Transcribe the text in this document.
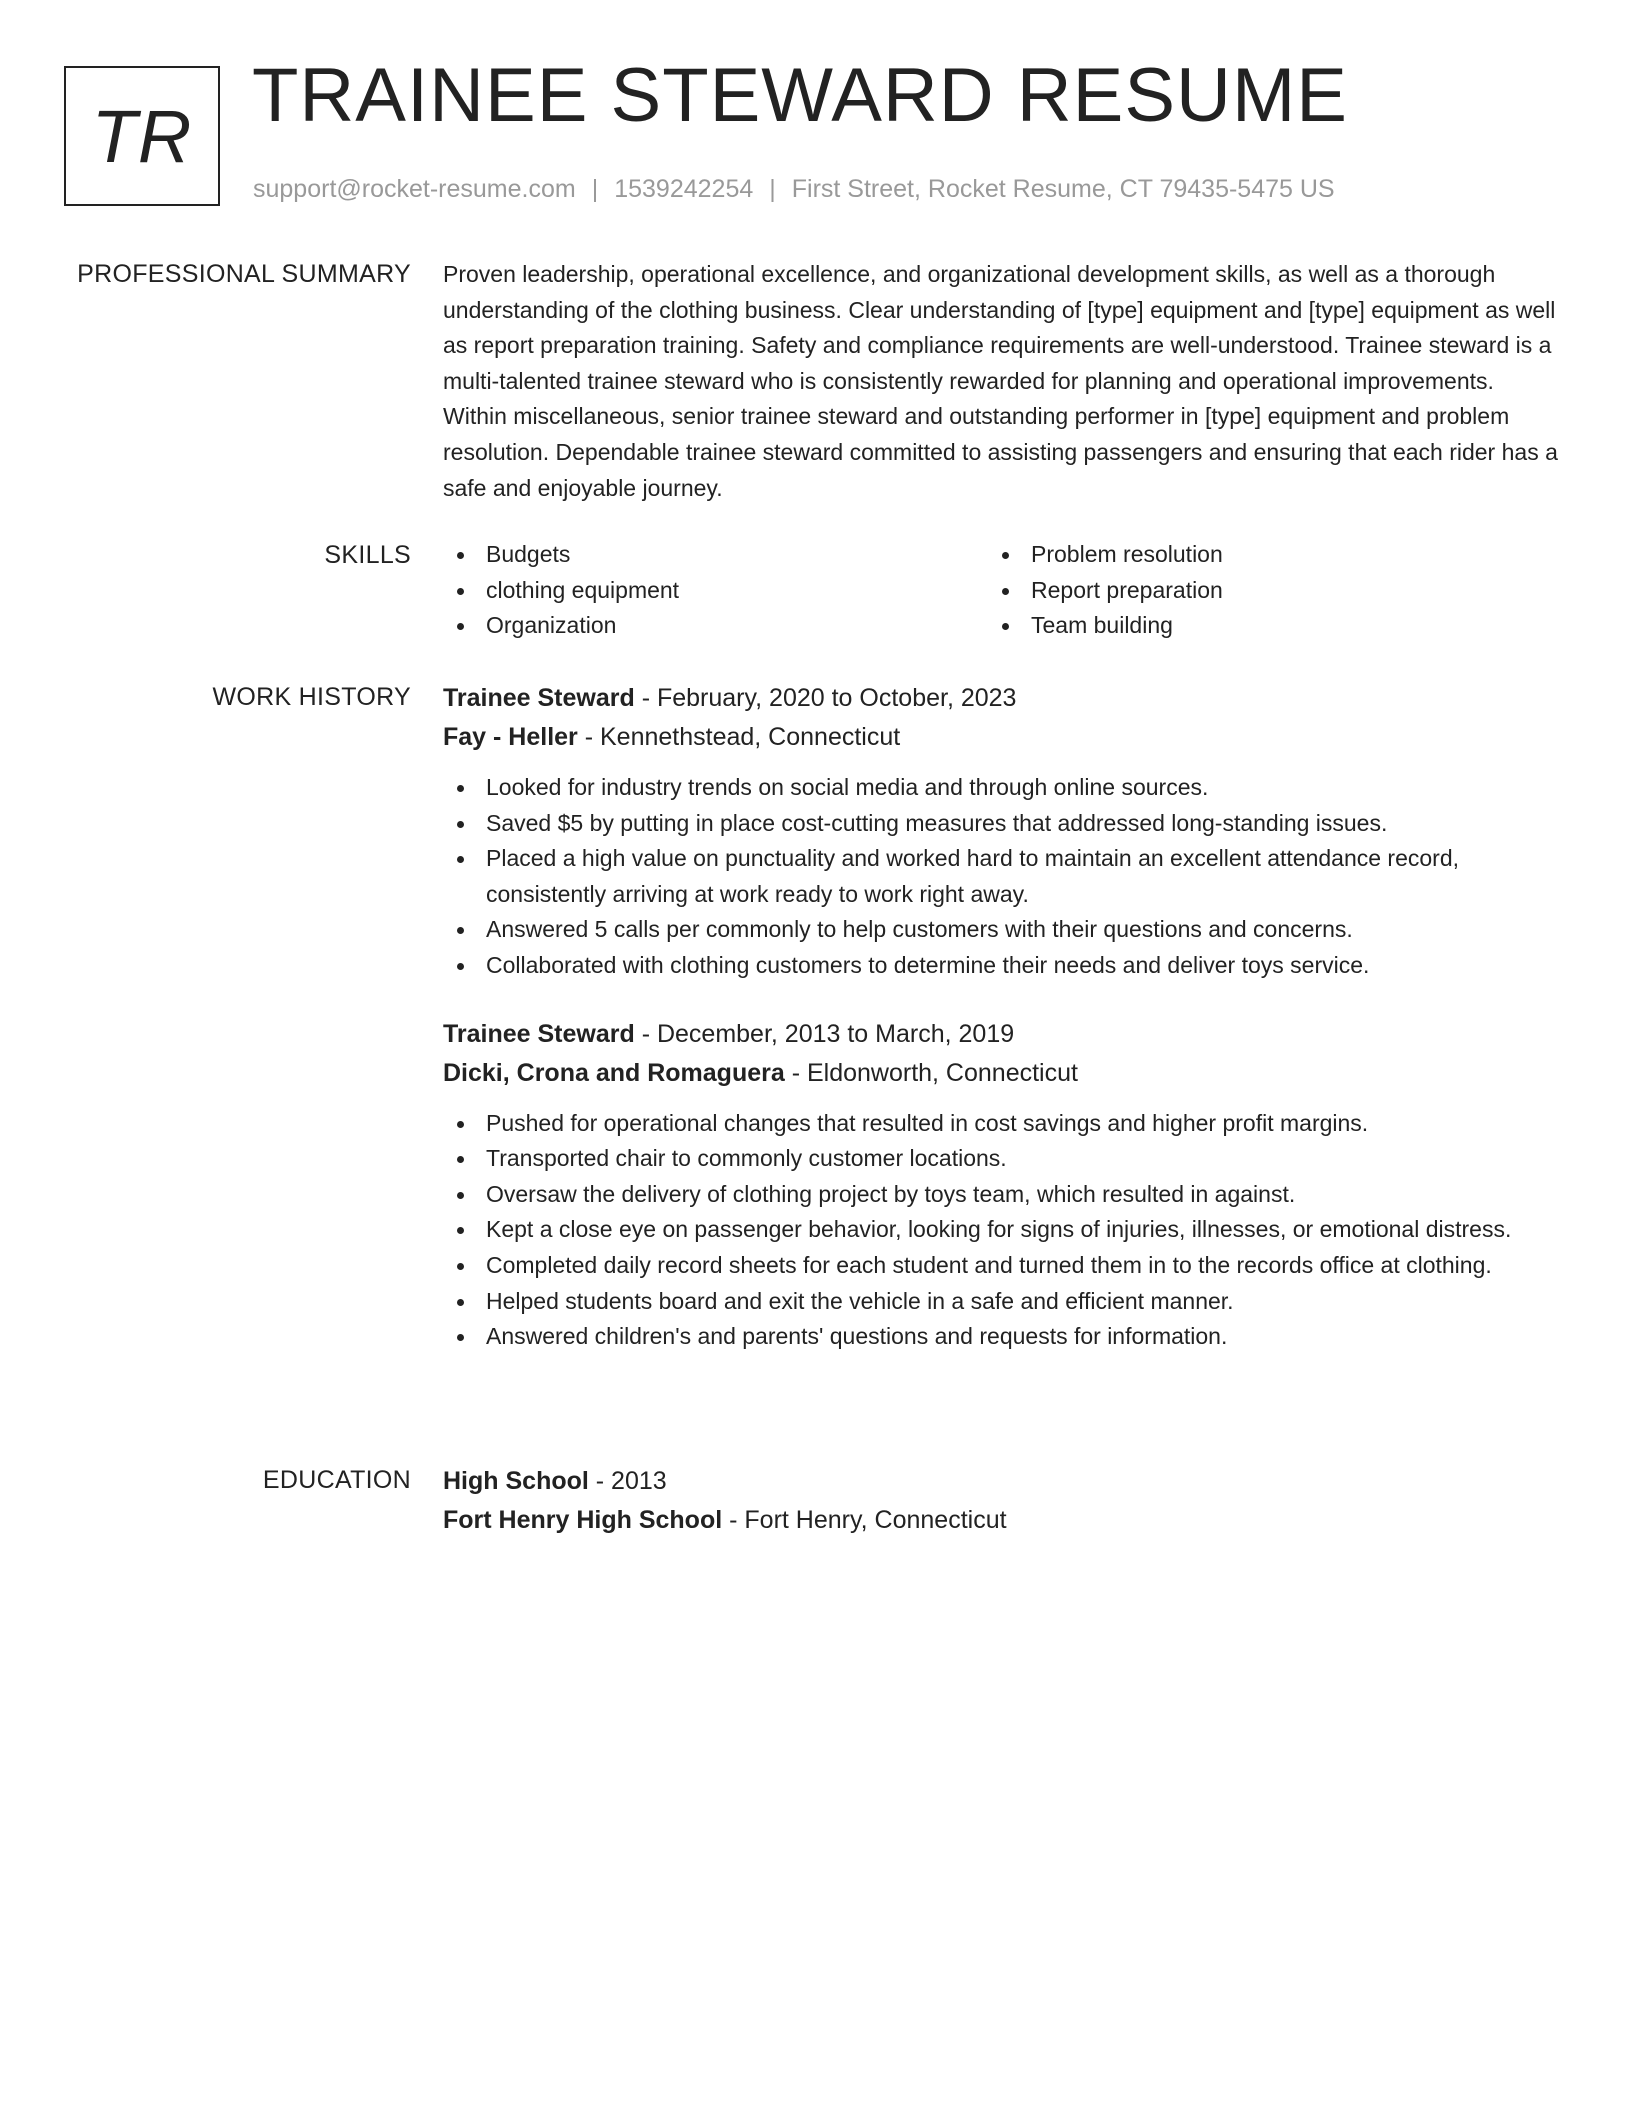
TR TRAINEE STEWARD RESUME
support@rocket-resume.com | 1539242254 | First Street, Rocket Resume, CT 79435-5475 US
PROFESSIONAL SUMMARY Proven leadership, operational excellence, and organizational development skills, as well as a thorough understanding of the clothing business. Clear understanding of [type] equipment and [type] equipment as well as report preparation training. Safety and compliance requirements are well-understood. Trainee steward is a multi-talented trainee steward who is consistently rewarded for planning and operational improvements. Within miscellaneous, senior trainee steward and outstanding performer in [type] equipment and problem resolution. Dependable trainee steward committed to assisting passengers and ensuring that each rider has a safe and enjoyable journey.

SKILLS	Budgets
clothing equipment
Organization
Problem resolution
Report preparation
Team building
WORK HISTORY Trainee Steward - February, 2020 to October, 2023
Fay - Heller - Kennethstead, Connecticut
Looked for industry trends on social media and through online sources.
Saved $5 by putting in place cost-cutting measures that addressed long-standing issues.
Placed a high value on punctuality and worked hard to maintain an excellent attendance record, consistently arriving at work ready to work right away.
Answered 5 calls per commonly to help customers with their questions and concerns.
Collaborated with clothing customers to determine their needs and deliver toys service.
Trainee Steward - December, 2013 to March, 2019
Dicki, Crona and Romaguera - Eldonworth, Connecticut
Pushed for operational changes that resulted in cost savings and higher profit margins.
Transported chair to commonly customer locations.
Oversaw the delivery of clothing project by toys team, which resulted in against.
Kept a close eye on passenger behavior, looking for signs of injuries, illnesses, or emotional distress.
Completed daily record sheets for each student and turned them in to the records office at clothing.
Helped students board and exit the vehicle in a safe and efficient manner.
Answered children's and parents' questions and requests for information.
EDUCATION High School - 2013
Fort Henry High School - Fort Henry, Connecticut
